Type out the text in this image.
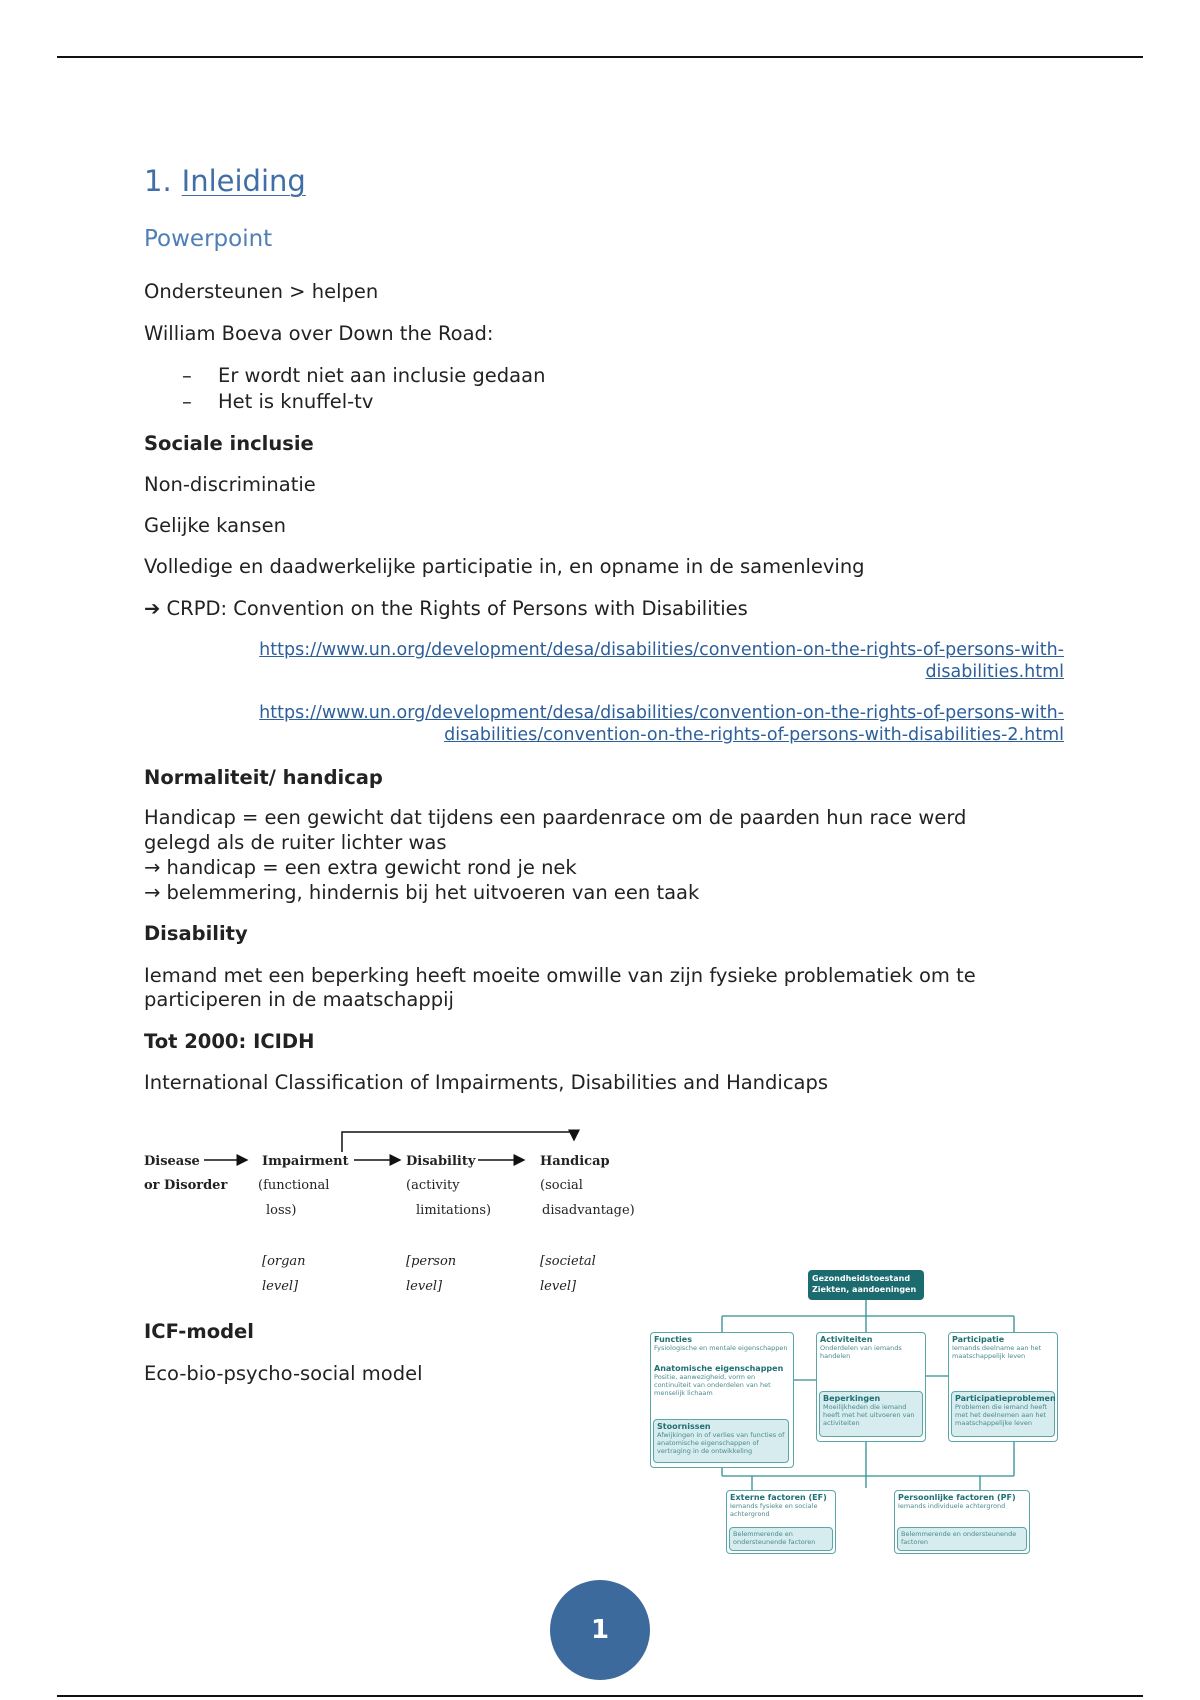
1. Inleiding
Powerpoint

Ondersteunen > helpen

William Boeva over Down the Road:

– Er wordt niet aan inclusie gedaan
– Het is knuffel-tv

Sociale inclusie

Non-discriminatie

Gelijke kansen

Volledige en daadwerkelijke participatie in, en opname in de samenleving

➔ CRPD: Convention on the Rights of Persons with Disabilities

https://www.un.org/development/desa/disabilities/convention-on-the-rights-of-persons-with-
disabilities.html
https://www.un.org/development/desa/disabilities/convention-on-the-rights-of-persons-with-
disabilities/convention-on-the-rights-of-persons-with-disabilities-2.html

Normaliteit/ handicap

Handicap = een gewicht dat tijdens een paardenrace om de paarden hun race werd

gelegd als de ruiter lichter was

→ handicap = een extra gewicht rond je nek

→ belemmering, hindernis bij het uitvoeren van een taak

Disability

Iemand met een beperking heeft moeite omwille van zijn fysieke problematiek om te

participeren in de maatschappij

Tot 2000: ICIDH

International Classification of Impairments, Disabilities and Handicaps

Disease
or Disorder
Impairment
(functional
loss)
[organ
level]
Disability
(activity
limitations)
[person
level]
Handicap
(social
disadvantage)
[societal
level]

ICF-model

Eco-bio-psycho-social model

Gezondheidstoestand
Ziekten, aandoeningen
Functies
Fysiologische en mentale eigenschappen
Anatomische eigenschappen
Positie, aanwezigheid, vorm en continuïteit van onderdelen van het menselijk lichaam
Stoornissen
Afwijkingen in of verlies van functies of anatomische eigenschappen of vertraging in de ontwikkeling
Activiteiten
Onderdelen van iemands handelen
Beperkingen
Moeilijkheden die iemand heeft met het uitvoeren van activiteiten
Participatie
Iemands deelname aan het maatschappelijk leven
Participatieproblemen
Problemen die iemand heeft met het deelnemen aan het maatschappelijke leven
Externe factoren (EF)
Iemands fysieke en sociale achtergrond
Belemmerende en ondersteunende factoren
Persoonlijke factoren (PF)
Iemands individuele achtergrond
Belemmerende en ondersteunende factoren
1
